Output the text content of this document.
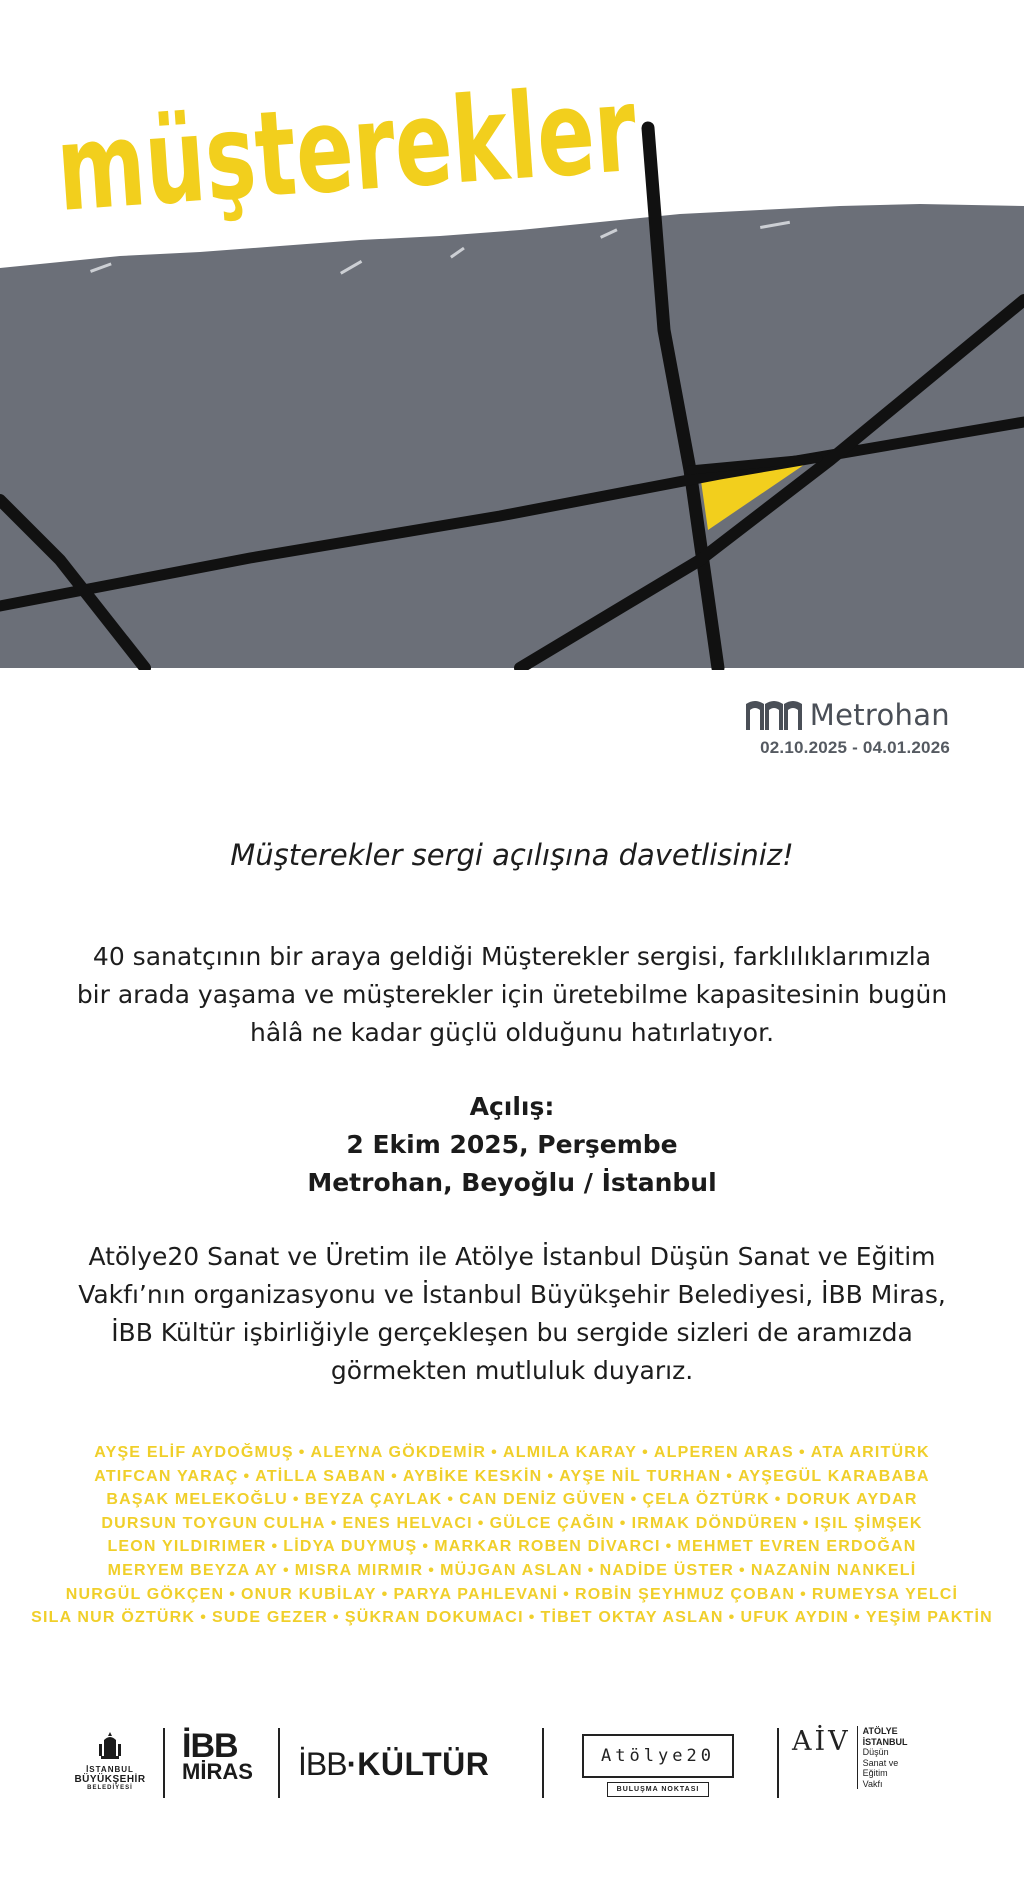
müşterekler
Metrohan
02.10.2025 - 04.01.2026
Müşterekler sergi açılışına davetlisiniz!
40 sanatçının bir araya geldiği Müşterekler sergisi, farklılıklarımızla
bir arada yaşama ve müşterekler için üretebilme kapasitesinin bugün
hâlâ ne kadar güçlü olduğunu hatırlatıyor.
Açılış:
2 Ekim 2025, Perşembe
Metrohan, Beyoğlu / İstanbul
Atölye20 Sanat ve Üretim ile Atölye İstanbul Düşün Sanat ve Eğitim
Vakfı’nın organizasyonu ve İstanbul Büyükşehir Belediyesi, İBB Miras,
İBB Kültür işbirliğiyle gerçekleşen bu sergide sizleri de aramızda
görmekten mutluluk duyarız.
AYŞE ELİF AYDOĞMUŞ • ALEYNA GÖKDEMİR • ALMILA KARAY • ALPEREN ARAS • ATA ARITÜRK
ATIFCAN YARAÇ • ATİLLA SABAN • AYBİKE KESKİN • AYŞE NİL TURHAN • AYŞEGÜL KARABABA
BAŞAK MELEKOĞLU • BEYZA ÇAYLAK • CAN DENİZ GÜVEN • ÇELA ÖZTÜRK • DORUK AYDAR
DURSUN TOYGUN CULHA • ENES HELVACI • GÜLCE ÇAĞIN • IRMAK DÖNDÜREN • IŞIL ŞİMŞEK
LEON YILDIRIMER • LİDYA DUYMUŞ • MARKAR ROBEN DİVARCI • MEHMET EVREN ERDOĞAN
MERYEM BEYZA AY • MISRA MIRMIR • MÜJGAN ASLAN • NADİDE ÜSTER • NAZANİN NANKELİ
NURGÜL GÖKÇEN • ONUR KUBİLAY • PARYA PAHLEVANİ • ROBİN ŞEYHMUZ ÇOBAN • RUMEYSA YELCİ
SILA NUR ÖZTÜRK • SUDE GEZER • ŞÜKRAN DOKUMACI • TİBET OKTAY ASLAN • UFUK AYDIN • YEŞİM PAKTİN
İSTANBUL
BÜYÜKŞEHİR
BELEDİYESİ
İBB
MİRAS İBB·KÜLTÜR	Atölye20
BULUŞMA NOKTASI
AİV ATÖLYE
İSTANBUL
Düşün
Sanat ve
Eğitim
Vakfı
